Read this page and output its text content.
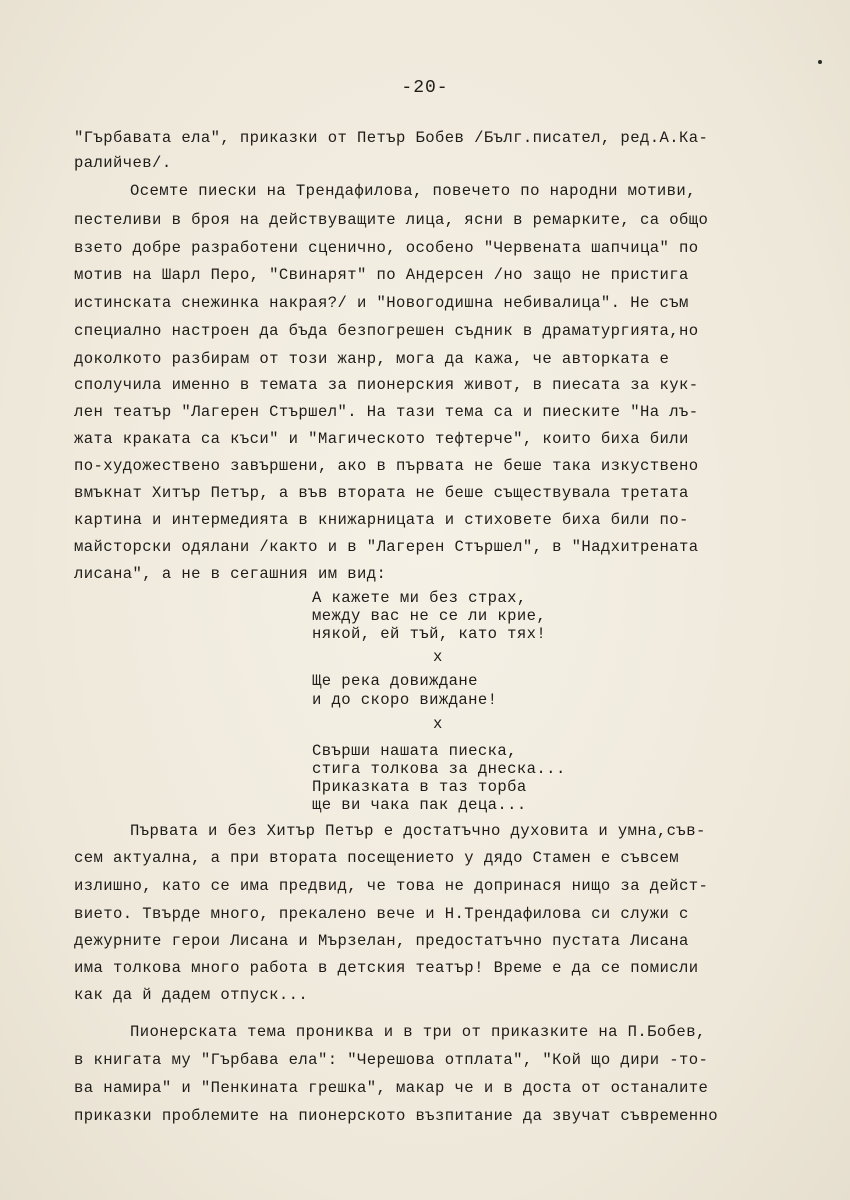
-20-
"Гърбавата ела", приказки от Петър Бобев /Бълг.писател, ред.А.Ка-
ралийчев/.
Осемте пиески на Трендафилова, повечето по народни мотиви,
пестеливи в броя на действуващите лица, ясни в ремарките, са общо
взето добре разработени сценично, особено "Червената шапчица" по
мотив на Шарл Перо, "Свинарят" по Андерсен /но защо не пристига
истинската снежинка накрая?/ и "Новогодишна небивалица". Не съм
специално настроен да бъда безпогрешен съдник в драматургията,но
доколкото разбирам от този жанр, мога да кажа, че авторката е
сполучила именно в темата за пионерския живот, в пиесата за кук-
лен театър "Лагерен Стършел". На тази тема са и пиеските "На лъ-
жата краката са къси" и "Магическото тефтерче", които биха били
по-художествено завършени, ако в първата не беше така изкуствено
вмъкнат Хитър Петър, а във втората не беше съществувала третата
картина и интермедията в книжарницата и стиховете биха били по-
майсторски одялани /както и в "Лагерен Стършел", в "Надхитрената
лисана", а не в сегашния им вид:
А кажете ми без страх,
между вас не се ли крие,
някой, ей тъй, като тях!
x
Ще река довиждане
и до скоро виждане!
x
Свърши нашата пиеска,
стига толкова за днеска...
Приказката в таз торба
ще ви чака пак деца...
Първата и без Хитър Петър е достатъчно духовита и умна,съв-
сем актуална, а при втората посещението у дядо Стамен е съвсем
излишно, като се има предвид, че това не допринася нищо за дейст-
вието. Твърде много, прекалено вече и Н.Трендафилова си служи с
дежурните герои Лисана и Мързелан, предостатъчно пустата Лисана
има толкова много работа в детския театър! Време е да се помисли
как да й дадем отпуск...
Пионерската тема прониква и в три от приказките на П.Бобев,
в книгата му "Гърбава ела": "Черешова отплата", "Кой що дири -то-
ва намира" и "Пенкината грешка", макар че и в доста от останалите
приказки проблемите на пионерското възпитание да звучат съвременно
